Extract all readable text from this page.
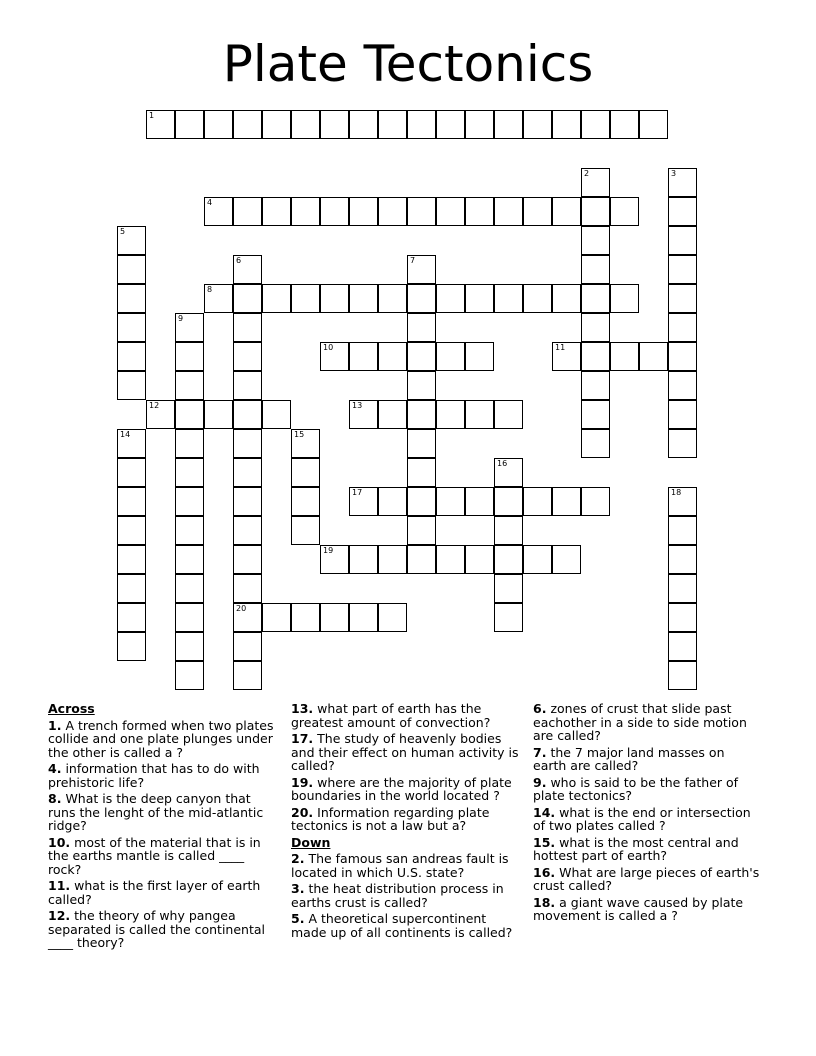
Plate Tectonics
1
4
8
10	11
12	13
17
19
20
2	3
5
6	7
9
14	15
16
18
Across
1. A trench formed when two plates collide and one plate plunges under the other is called a ?
4. information that has to do with prehistoric life?
8. What is the deep canyon that runs the lenght of the mid-atlantic ridge?
10. most of the material that is in the earths mantle is called ____ rock?
11. what is the first layer of earth called?
12. the theory of why pangea separated is called the continental ____ theory?
13. what part of earth has the greatest amount of convection?
17. The study of heavenly bodies and their effect on human activity is called?
19. where are the majority of plate boundaries in the world located ?
20. Information regarding plate tectonics is not a law but a?
Down
2. The famous san andreas fault is located in which U.S. state?
3. the heat distribution process in earths crust is called?
5. A theoretical supercontinent made up of all continents is called?
6. zones of crust that slide past eachother in a side to side motion are called?
7. the 7 major land masses on earth are called?
9. who is said to be the father of plate tectonics?
14. what is the end or intersection of two plates called ?
15. what is the most central and hottest part of earth?
16. What are large pieces of earth's crust called?
18. a giant wave caused by plate movement is called a ?
